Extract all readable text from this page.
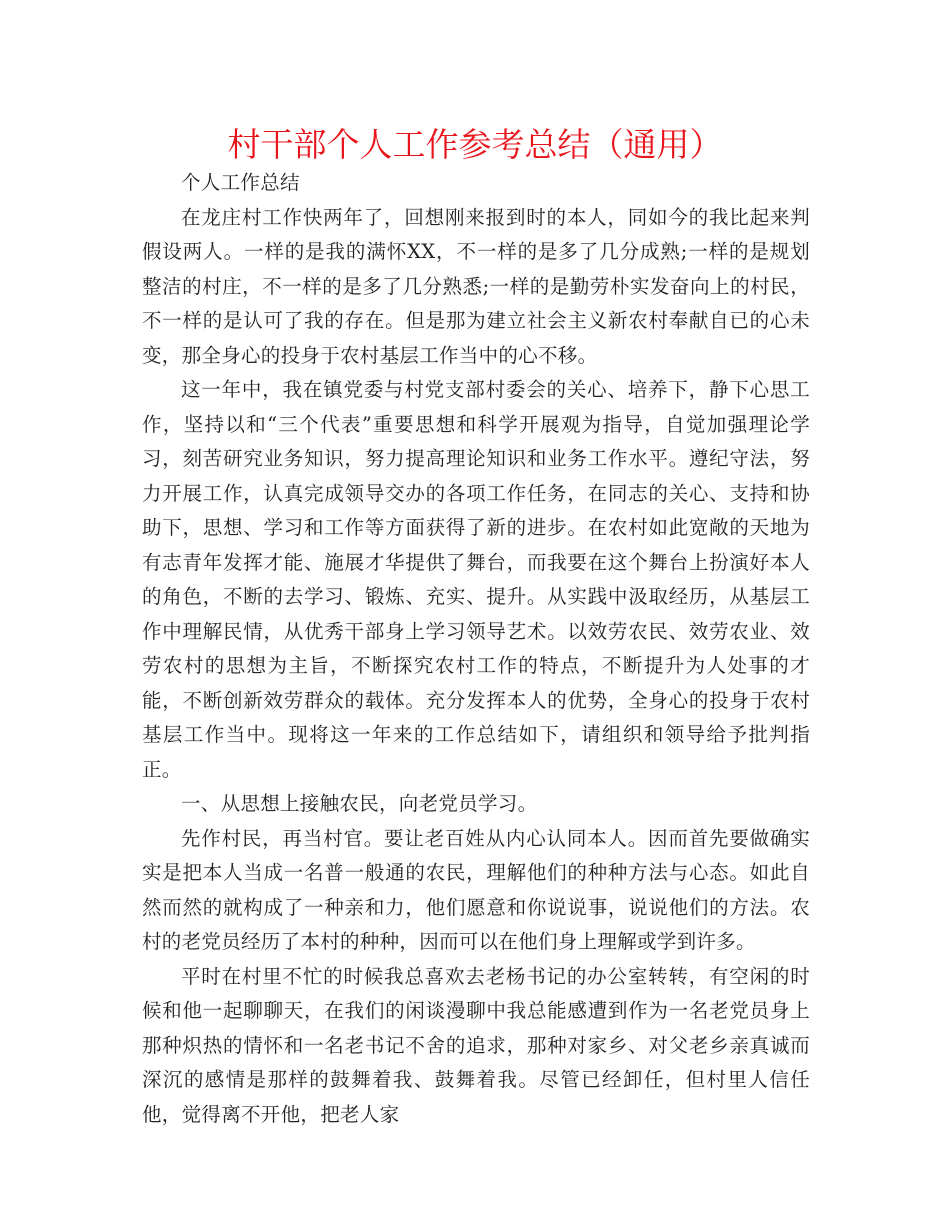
村干部个人工作参考总结（通用）

个人工作总结

在龙庄村工作快两年了，回想刚来报到时的本人，同如今的我比起来判假设两人。一样的是我的满怀XX，不一样的是多了几分成熟;一样的是规划整洁的村庄，不一样的是多了几分熟悉;一样的是勤劳朴实发奋向上的村民，不一样的是认可了我的存在。但是那为建立社会主义新农村奉献自已的心未变，那全身心的投身于农村基层工作当中的心不移。

这一年中，我在镇党委与村党支部村委会的关心、培养下，静下心思工作，坚持以和“三个代表”重要思想和科学开展观为指导，自觉加强理论学习，刻苦研究业务知识，努力提高理论知识和业务工作水平。遵纪守法，努力开展工作，认真完成领导交办的各项工作任务，在同志的关心、支持和协助下，思想、学习和工作等方面获得了新的进步。在农村如此宽敞的天地为有志青年发挥才能、施展才华提供了舞台，而我要在这个舞台上扮演好本人的角色，不断的去学习、锻炼、充实、提升。从实践中汲取经历，从基层工作中理解民情，从优秀干部身上学习领导艺术。以效劳农民、效劳农业、效劳农村的思想为主旨，不断探究农村工作的特点，不断提升为人处事的才能，不断创新效劳群众的载体。充分发挥本人的优势，全身心的投身于农村基层工作当中。现将这一年来的工作总结如下，请组织和领导给予批判指正。

一、从思想上接触农民，向老党员学习。

先作村民，再当村官。要让老百姓从内心认同本人。因而首先要做确实实是把本人当成一名普一般通的农民，理解他们的种种方法与心态。如此自然而然的就构成了一种亲和力，他们愿意和你说说事，说说他们的方法。农村的老党员经历了本村的种种，因而可以在他们身上理解或学到许多。

平时在村里不忙的时候我总喜欢去老杨书记的办公室转转，有空闲的时候和他一起聊聊天，在我们的闲谈漫聊中我总能感遭到作为一名老党员身上那种炽热的情怀和一名老书记不舍的追求，那种对家乡、对父老乡亲真诚而深沉的感情是那样的鼓舞着我、鼓舞着我。尽管已经卸任，但村里人信任他，觉得离不开他，把老人家
